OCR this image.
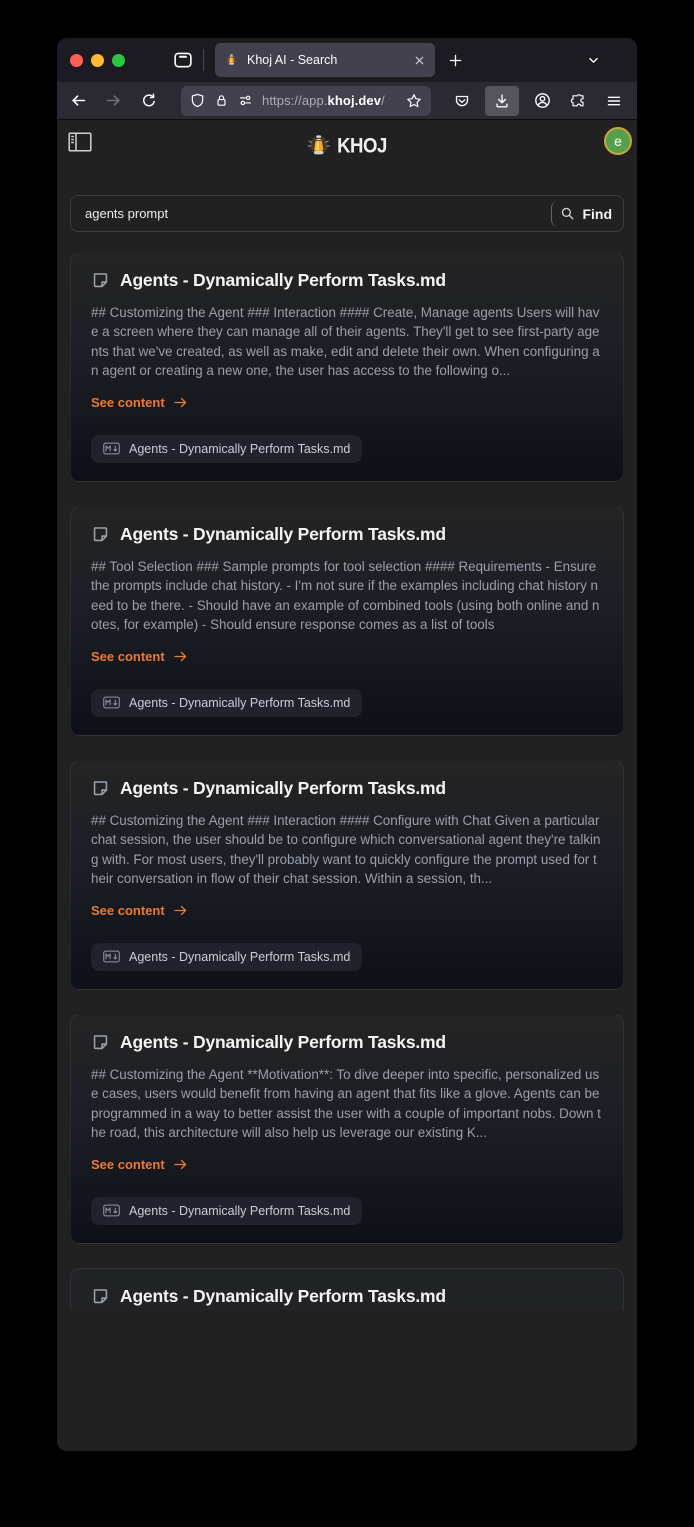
Khoj AI - Search
https://app.khoj.dev/
KHOJ	e
agents prompt
Find
Agents - Dynamically Perform Tasks.md

## Customizing the Agent ### Interaction #### Create, Manage agents Users will have a screen where they can manage all of their agents. They'll get to see first-party agents that we've created, as well as make, edit and delete their own. When configuring an agent or creating a new one, the user has access to the following o...

See content
Agents - Dynamically Perform Tasks.md
Agents - Dynamically Perform Tasks.md

## Tool Selection ### Sample prompts for tool selection #### Requirements - Ensure the prompts include chat history. - I'm not sure if the examples including chat history need to be there. - Should have an example of combined tools (using both online and notes, for example) - Should ensure response comes as a list of tools

See content
Agents - Dynamically Perform Tasks.md
Agents - Dynamically Perform Tasks.md

## Customizing the Agent ### Interaction #### Configure with Chat Given a particular chat session, the user should be to configure which conversational agent they're talking with. For most users, they'll probably want to quickly configure the prompt used for their conversation in flow of their chat session. Within a session, th...

See content
Agents - Dynamically Perform Tasks.md
Agents - Dynamically Perform Tasks.md

## Customizing the Agent **Motivation**: To dive deeper into specific, personalized use cases, users would benefit from having an agent that fits like a glove. Agents can be programmed in a way to better assist the user with a couple of important nobs. Down the road, this architecture will also help us leverage our existing K...

See content
Agents - Dynamically Perform Tasks.md
Agents - Dynamically Perform Tasks.md
